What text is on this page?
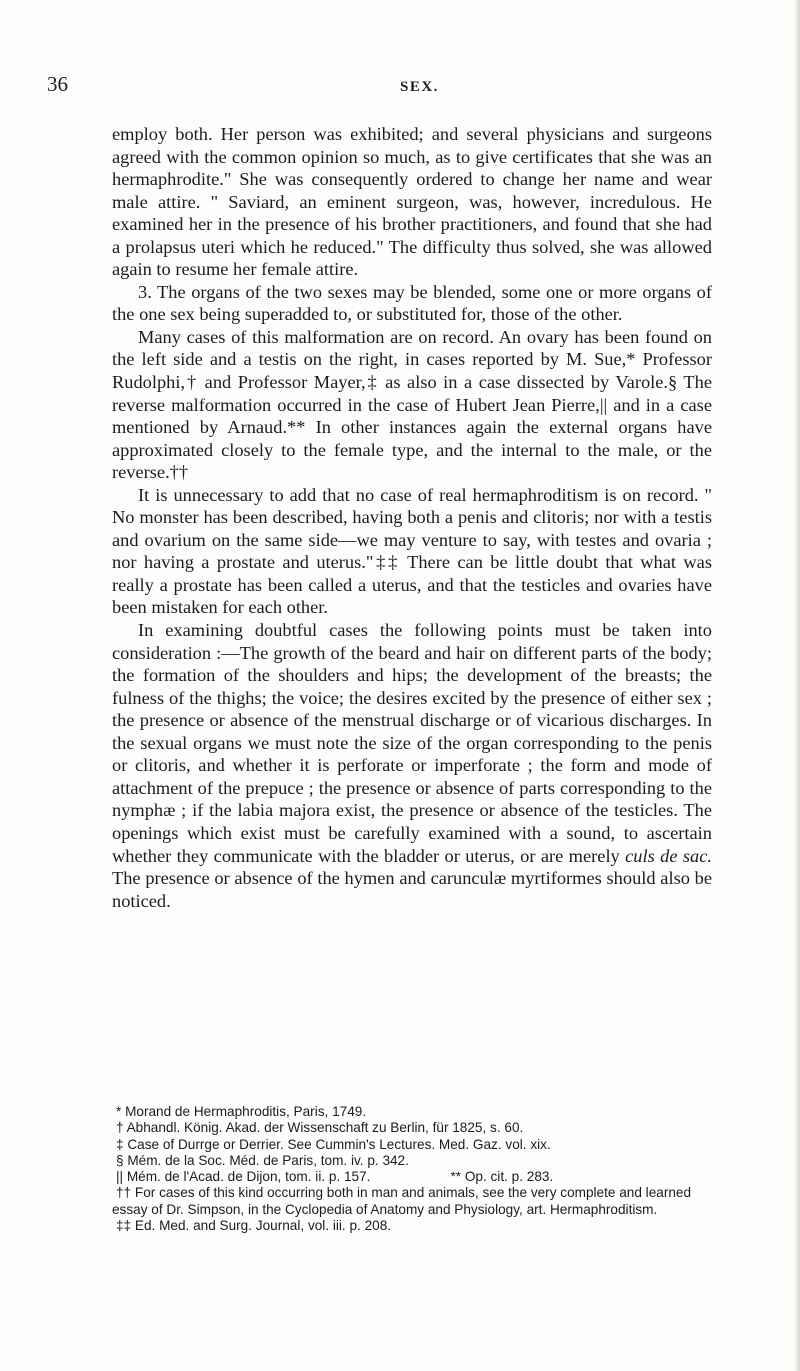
36	SEX.

employ both. Her person was exhibited; and several physicians and surgeons agreed with the common opinion so much, as to give certificates that she was an hermaphrodite." She was consequently ordered to change her name and wear male attire. " Saviard, an eminent surgeon, was, however, incredulous. He examined her in the presence of his brother practitioners, and found that she had a prolapsus uteri which he reduced." The difficulty thus solved, she was allowed again to resume her female attire.

3. The organs of the two sexes may be blended, some one or more organs of the one sex being superadded to, or substituted for, those of the other.

Many cases of this malformation are on record. An ovary has been found on the left side and a testis on the right, in cases reported by M. Sue,* Professor Rudolphi,† and Professor Mayer,‡ as also in a case dissected by Varole.§ The reverse malformation occurred in the case of Hubert Jean Pierre,|| and in a case mentioned by Arnaud.** In other instances again the external organs have approximated closely to the female type, and the internal to the male, or the reverse.††

It is unnecessary to add that no case of real hermaphroditism is on record. " No monster has been described, having both a penis and clitoris; nor with a testis and ovarium on the same side—we may venture to say, with testes and ovaria ; nor having a prostate and uterus."‡‡ There can be little doubt that what was really a prostate has been called a uterus, and that the testicles and ovaries have been mistaken for each other.

In examining doubtful cases the following points must be taken into consideration :—The growth of the beard and hair on different parts of the body; the formation of the shoulders and hips; the development of the breasts; the fulness of the thighs; the voice; the desires excited by the presence of either sex ; the presence or absence of the menstrual discharge or of vicarious discharges. In the sexual organs we must note the size of the organ corresponding to the penis or clitoris, and whether it is perforate or imperforate ; the form and mode of attachment of the prepuce ; the presence or absence of parts corresponding to the nymphæ ; if the labia majora exist, the presence or absence of the testicles. The openings which exist must be carefully examined with a sound, to ascertain whether they communicate with the bladder or uterus, or are merely culs de sac. The presence or absence of the hymen and carunculæ myrtiformes should also be noticed.

* Morand de Hermaphroditis, Paris, 1749.
† Abhandl. König. Akad. der Wissenschaft zu Berlin, für 1825, s. 60.
‡ Case of Durrge or Derrier. See Cummin's Lectures. Med. Gaz. vol. xix.
§ Mém. de la Soc. Méd. de Paris, tom. iv. p. 342.
|| Mém. de l'Acad. de Dijon, tom. ii. p. 157.	** Op. cit. p. 283.
†† For cases of this kind occurring both in man and animals, see the very complete and learned essay of Dr. Simpson, in the Cyclopedia of Anatomy and Physiology, art. Hermaphroditism.
‡‡ Ed. Med. and Surg. Journal, vol. iii. p. 208.
